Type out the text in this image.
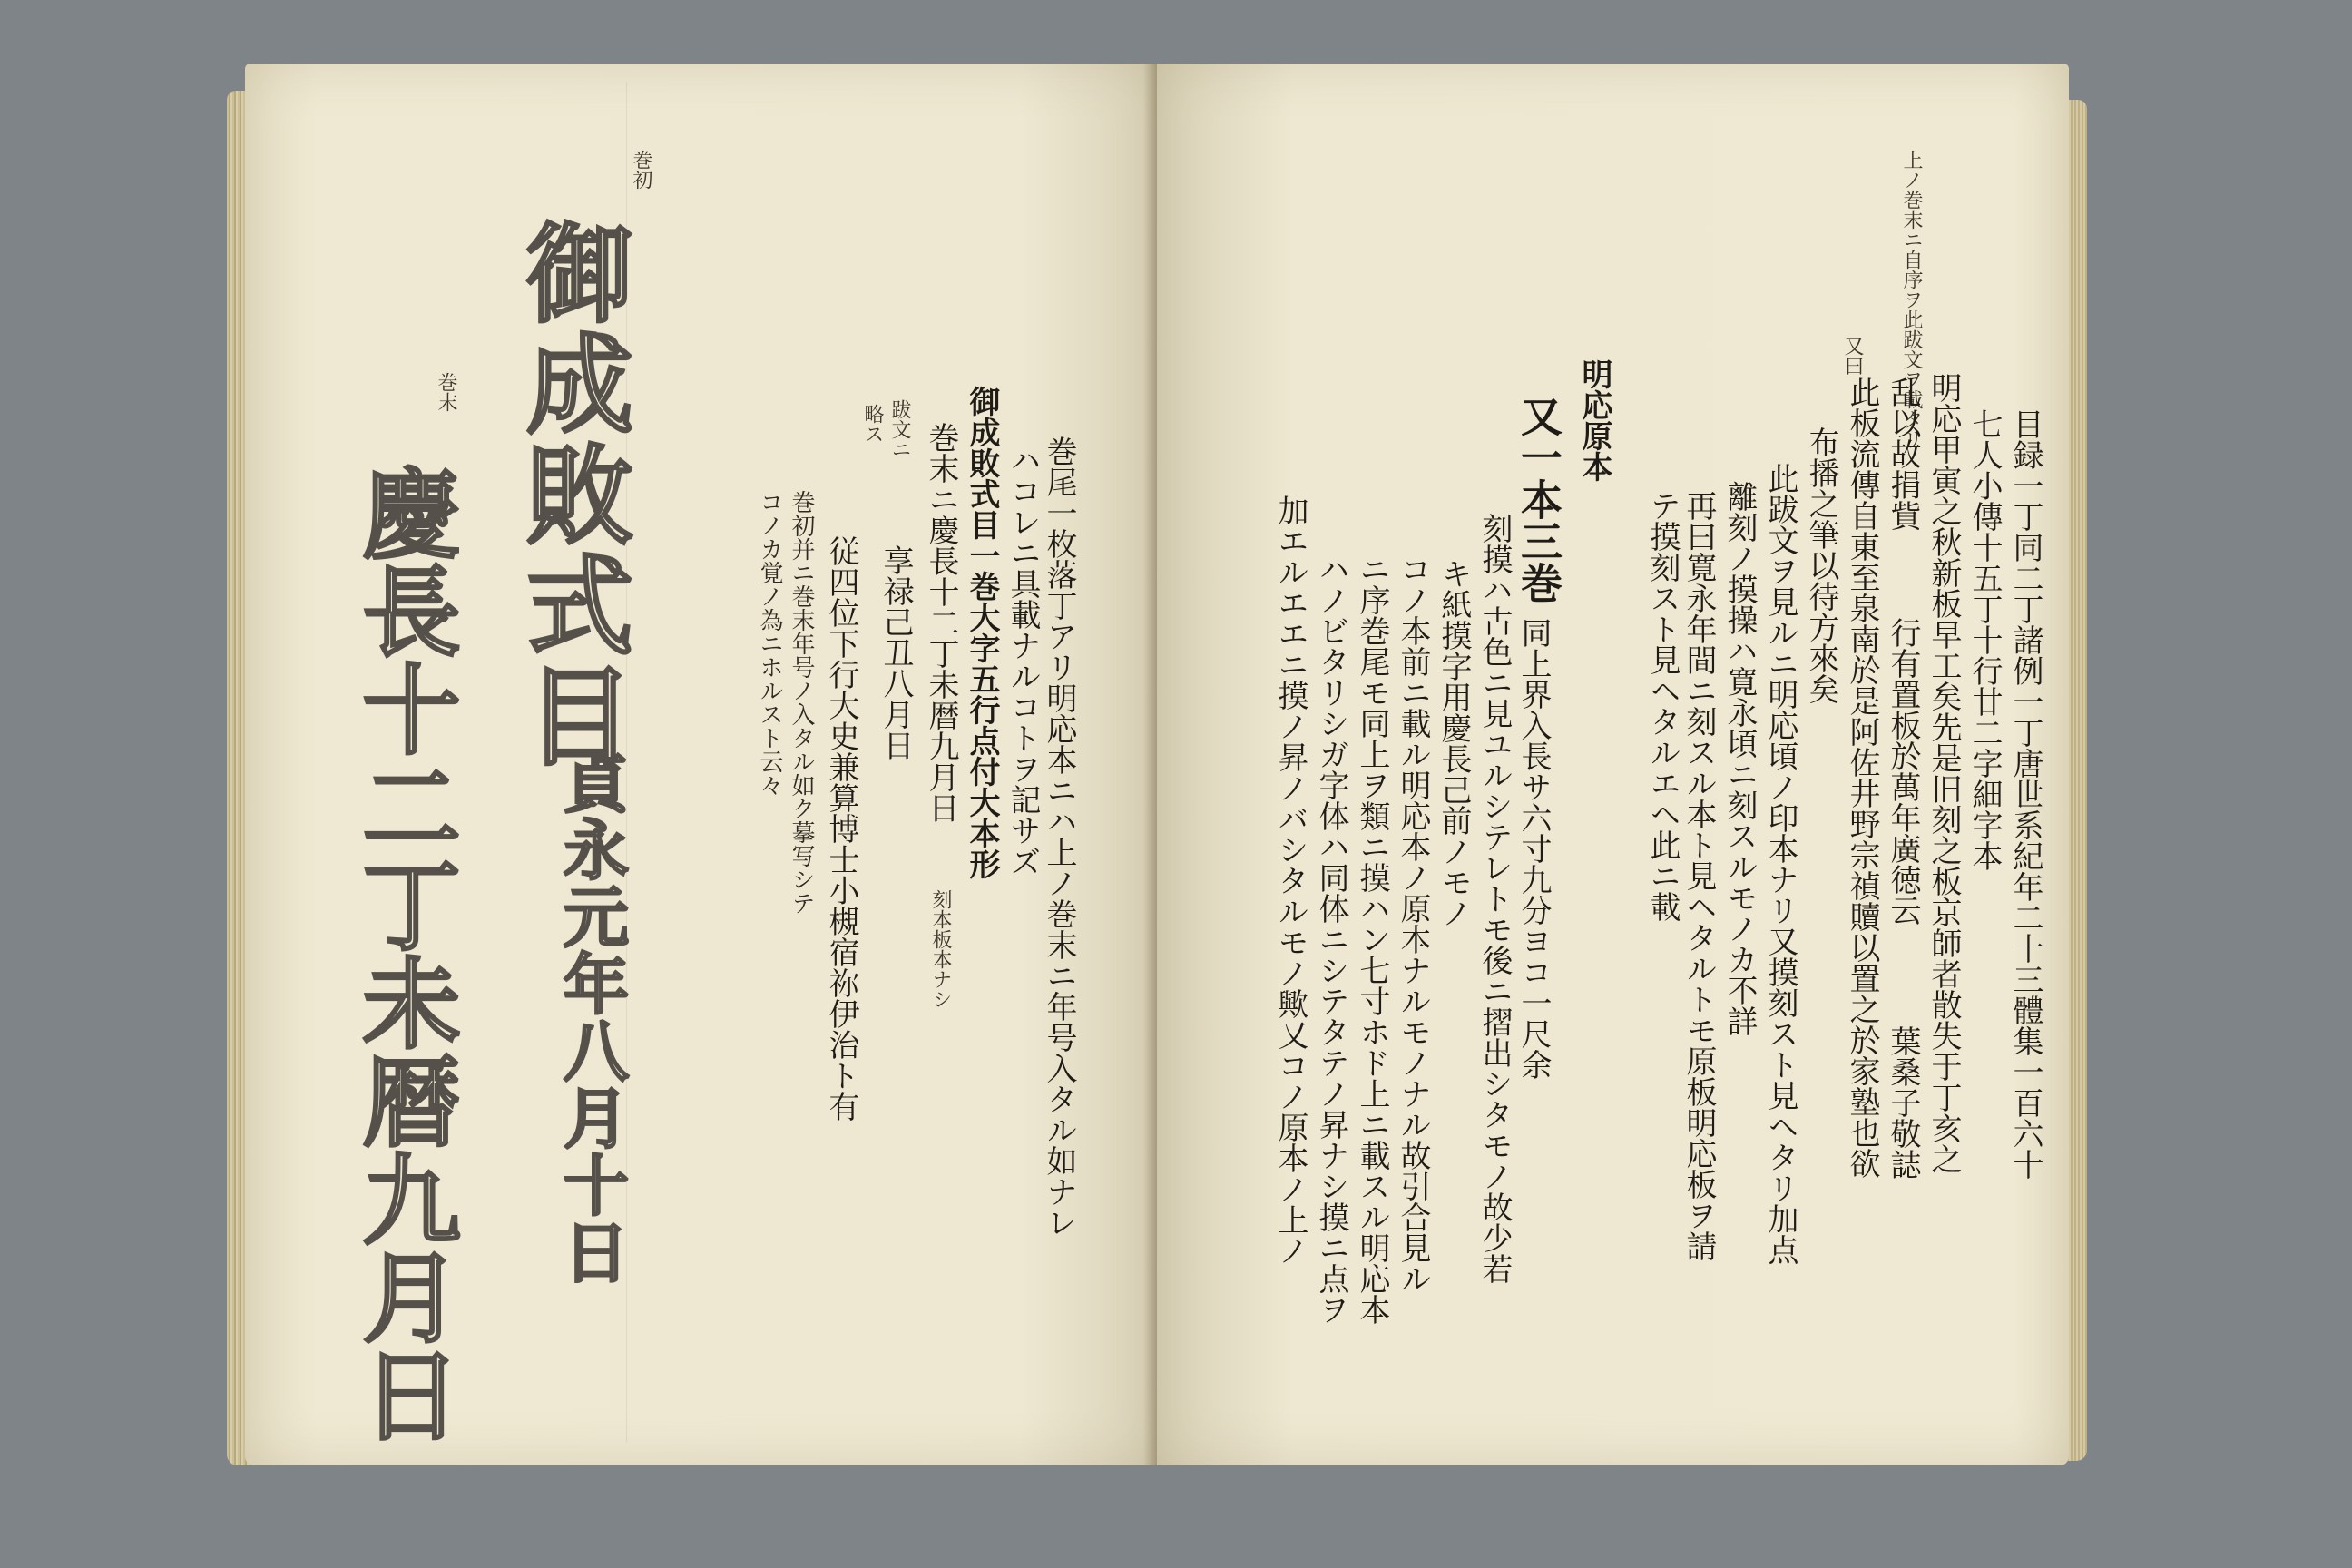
巻初
御成敗式目
巻末
慶長十二丁未暦九月日 貞永元年八月十日	巻尾一枚落丁アリ明応本ニハ上ノ巻末ニ年号入タル如ナレ
ハコレニ具載ナルコトヲ記サズ
御成敗式目一巻大字五行点付大本形
巻末ニ慶長十二丁未暦九月日
刻本板本ナシ
跋文ニ
享禄己丑八月日
略ス
従四位下行大史兼算博士小槻宿祢伊治ト有
巻初并ニ巻末年号ノ入タル如ク摹写シテ
コノカ覚ノ為ニホルスト云々
上ノ巻末ニ自序ヲ此跋文ヲ載タリ
目録一丁同二丁諸例一丁唐世系紀年二十三體集一百六十
七人小傳十五丁十行廿二字細字本
明応甲寅之秋新板早工矣先是旧刻之板京師者散失于丁亥之
乱以故捐貲
行有置板於萬年廣徳云
葉桑子敬誌
此板流傳自東至泉南於是阿佐井野宗禎贖以置之於家塾也欲
布播之筆以待方來矣
又曰
此跋文ヲ見ルニ明応頃ノ印本ナリ又摸刻スト見ヘタリ加点
離刻ノ摸操ハ寛永頃ニ刻スルモノカ不詳
再曰寛永年間ニ刻スル本ト見ヘタルトモ原板明応板ヲ請
テ摸刻スト見ヘタルエヘ此ニ載
明応原本
又一本三巻
同上界入長サ六寸九分ヨコ一尺余
刻摸ハ古色ニ見ユルシテレトモ後ニ摺出シタモノ故少若
キ紙摸字用慶長己前ノモノ
コノ本前ニ載ル明応本ノ原本ナルモノナル故引合見ル
ニ序巻尾モ同上ヲ類ニ摸ハン七寸ホド上ニ載スル明応本
ハノビタリシガ字体ハ同体ニシテタテノ昇ナシ摸ニ点ヲ
加エルエエニ摸ノ昇ノバシタルモノ歟又コノ原本ノ上ノ
